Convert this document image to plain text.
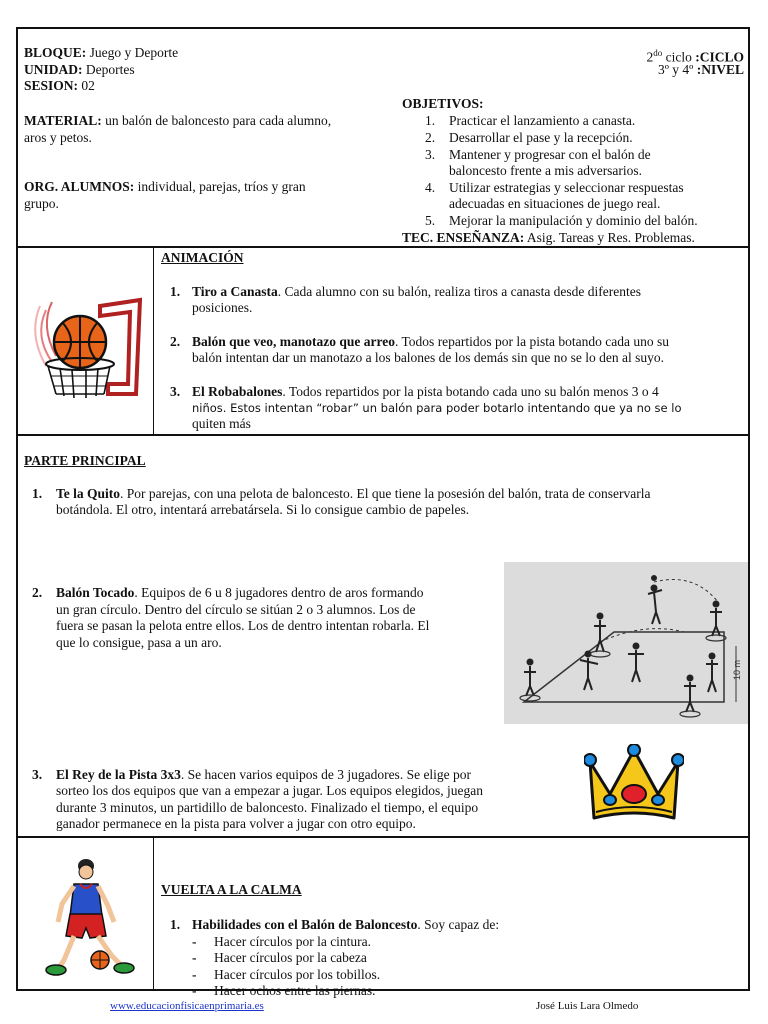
BLOQUE: Juego y Deporte
UNIDAD: Deportes
SESION: 02
$2^{do}$ ciclo :CICLO
3º y 4º :NIVEL
MATERIAL: un balón de baloncesto para cada alumno,
aros y petos.
ORG. ALUMNOS: individual, parejas, tríos y gran
grupo.
OBJETIVOS:
1. Practicar el lanzamiento a canasta.
2. Desarrollar el pase y la recepción.
3. Mantener y progresar con el balón de
baloncesto frente a mis adversarios.
4. Utilizar estrategias y seleccionar respuestas
adecuadas en situaciones de juego real.
5. Mejorar la manipulación y dominio del balón.
TEC. ENSEÑANZA: Asig. Tareas y Res. Problemas.
ANIMACIÓN
1. Tiro a Canasta. Cada alumno con su balón, realiza tiros a canasta desde diferentes
posiciones.
2. Balón que veo, manotazo que arreo. Todos repartidos por la pista botando cada uno su
balón intentan dar un manotazo a los balones de los demás sin que no se lo den al suyo.
3. El Robabalones. Todos repartidos por la pista botando cada uno su balón menos 3 o 4
niños. Estos intentan “robar” un balón para poder botarlo intentando que ya no se lo
quiten más
PARTE PRINCIPAL
1. Te la Quito. Por parejas, con una pelota de baloncesto. El que tiene la posesión del balón, trata de conservarla
botándola. El otro, intentará arrebatársela. Si lo consigue cambio de papeles.
2. Balón Tocado. Equipos de 6 u 8 jugadores dentro de aros formando
un gran círculo. Dentro del círculo se sitúan 2 o 3 alumnos. Los de
fuera se pasan la pelota entre ellos. Los de dentro intentan robarla. El
que lo consigue, pasa a un aro.
10 m
3. El Rey de la Pista 3x3. Se hacen varios equipos de 3 jugadores. Se elige por
sorteo los dos equipos que van a empezar a jugar. Los equipos elegidos, juegan
durante 3 minutos, un partidillo de baloncesto. Finalizado el tiempo, el equipo
ganador permanece en la pista para volver a jugar con otro equipo.
VUELTA A LA CALMA
1. Habilidades con el Balón de Baloncesto. Soy capaz de:
- Hacer círculos por la cintura.
- Hacer círculos por la cabeza
- Hacer círculos por los tobillos.
- Hacer ochos entre las piernas.
www.educacionfisicaenprimaria.es	José Luis Lara Olmedo
